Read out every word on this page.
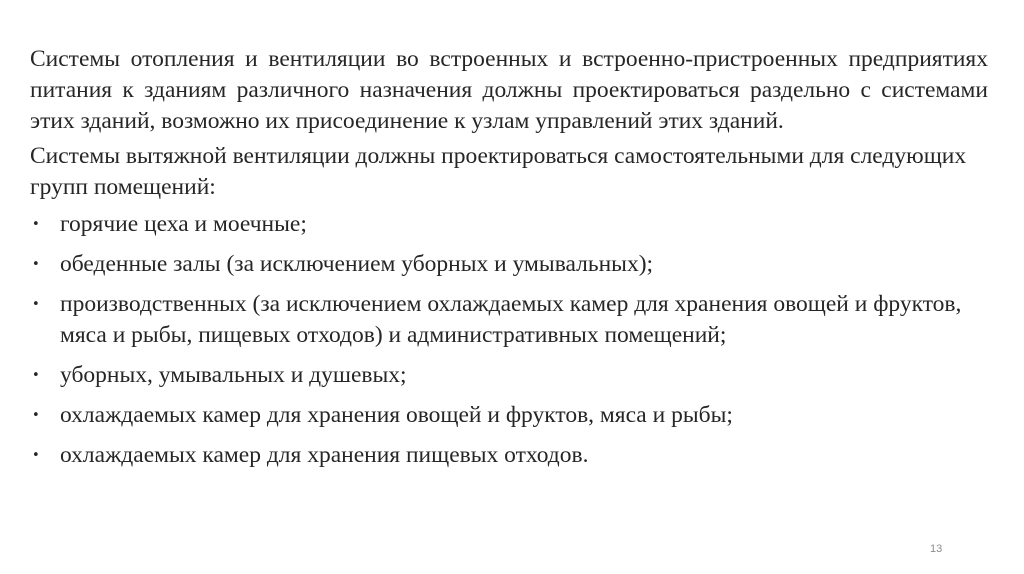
Системы отопления и вентиляции во встроенных и встроенно-пристроенных предприятиях питания к зданиям различного назначения должны проектироваться раздельно с системами этих зданий, возможно их присоединение к узлам управлений этих зданий.

Системы вытяжной вентиляции должны проектироваться самостоятельными для следующих групп помещений:

• горячие цеха и моечные;
• обеденные залы (за исключением уборных и умывальных);
• производственных (за исключением охлаждаемых камер для хранения овощей и фруктов, мяса и рыбы, пищевых отходов) и административных помещений;
• уборных, умывальных и душевых;
• охлаждаемых камер для хранения овощей и фруктов, мяса и рыбы;
• охлаждаемых камер для хранения пищевых отходов.
13
